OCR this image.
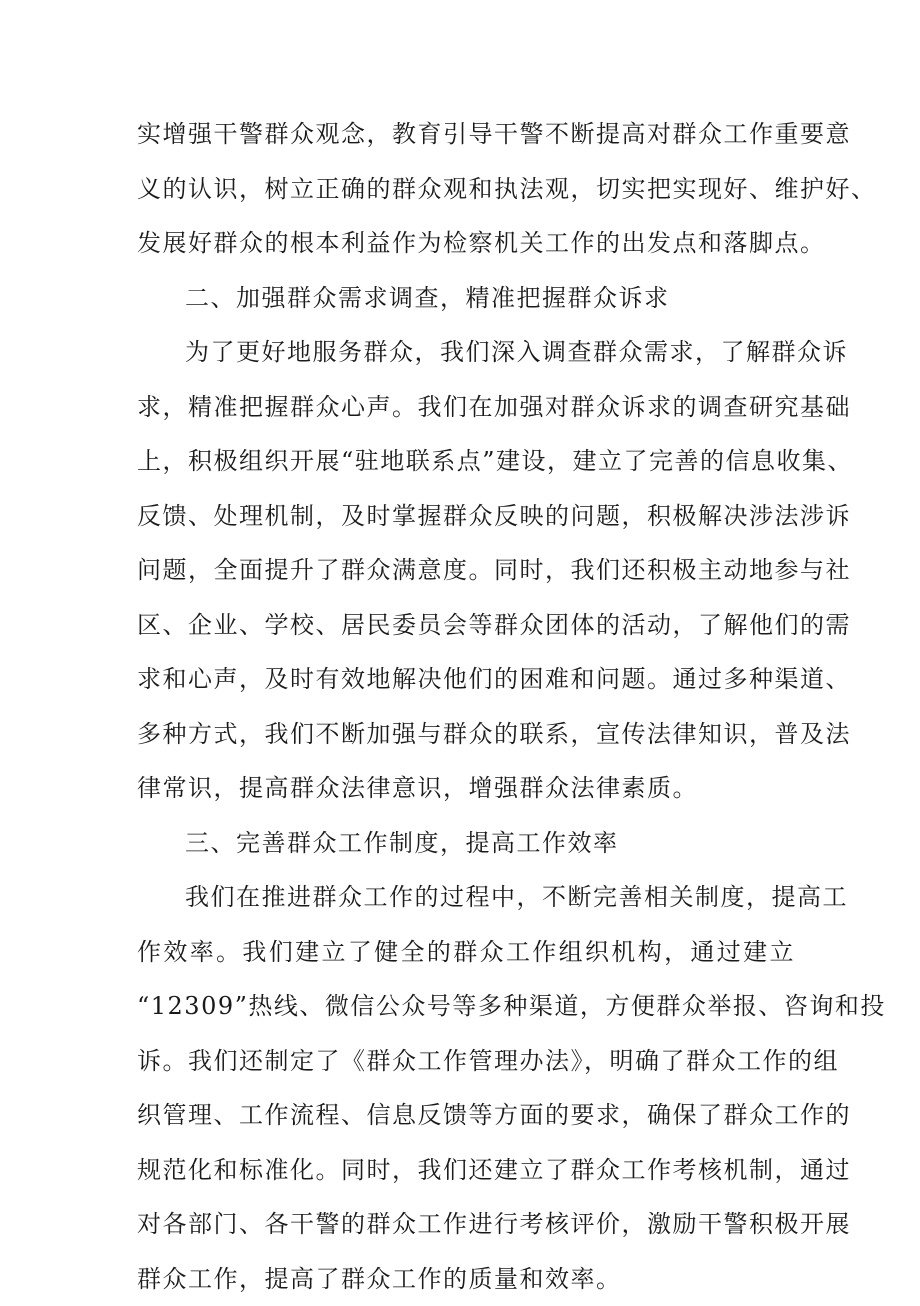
实增强干警群众观念，教育引导干警不断提高对群众工作重要意
义的认识，树立正确的群众观和执法观，切实把实现好、维护好、
发展好群众的根本利益作为检察机关工作的出发点和落脚点。
二、加强群众需求调查，精准把握群众诉求
为了更好地服务群众，我们深入调查群众需求，了解群众诉
求，精准把握群众心声。我们在加强对群众诉求的调查研究基础
上，积极组织开展“驻地联系点”建设，建立了完善的信息收集、
反馈、处理机制，及时掌握群众反映的问题，积极解决涉法涉诉
问题，全面提升了群众满意度。同时，我们还积极主动地参与社
区、企业、学校、居民委员会等群众团体的活动，了解他们的需
求和心声，及时有效地解决他们的困难和问题。通过多种渠道、
多种方式，我们不断加强与群众的联系，宣传法律知识，普及法
律常识，提高群众法律意识，增强群众法律素质。
三、完善群众工作制度，提高工作效率
我们在推进群众工作的过程中，不断完善相关制度，提高工
作效率。我们建立了健全的群众工作组织机构，通过建立
“12309”热线、微信公众号等多种渠道，方便群众举报、咨询和投
诉。我们还制定了《群众工作管理办法》，明确了群众工作的组
织管理、工作流程、信息反馈等方面的要求，确保了群众工作的
规范化和标准化。同时，我们还建立了群众工作考核机制，通过
对各部门、各干警的群众工作进行考核评价，激励干警积极开展
群众工作，提高了群众工作的质量和效率。
